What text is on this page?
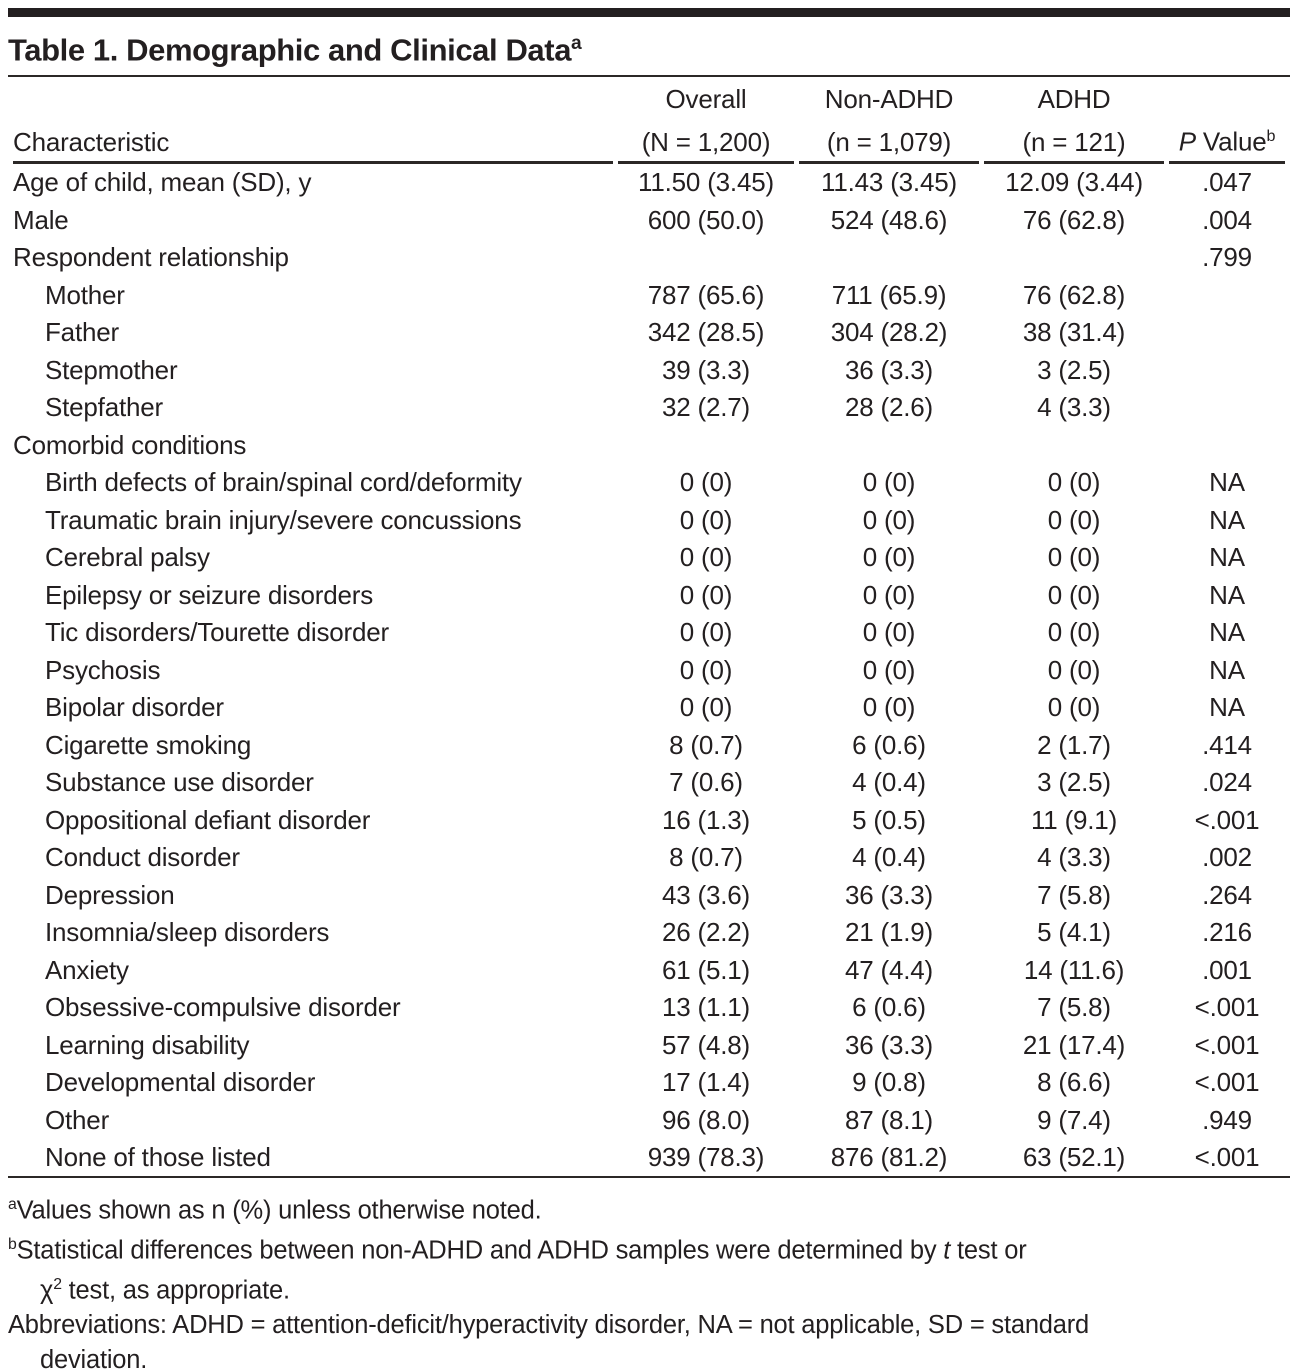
Table 1. Demographic and Clinical Data$^a$
	Overall	Non-ADHD	ADHD	
Characteristic	(N = 1,200)	(n = 1,079)	(n = 121)	P Value$^b$
Age of child, mean (SD), y	11.50 (3.45)	11.43 (3.45)	12.09 (3.44)	.047
Male	600 (50.0)	524 (48.6)	76 (62.8)	.004
Respondent relationship				.799
Mother	787 (65.6)	711 (65.9)	76 (62.8)	
Father	342 (28.5)	304 (28.2)	38 (31.4)	
Stepmother	39 (3.3)	36 (3.3)	3 (2.5)	
Stepfather	32 (2.7)	28 (2.6)	4 (3.3)	
Comorbid conditions				
Birth defects of brain/spinal cord/deformity	0 (0)	0 (0)	0 (0)	NA
Traumatic brain injury/severe concussions	0 (0)	0 (0)	0 (0)	NA
Cerebral palsy	0 (0)	0 (0)	0 (0)	NA
Epilepsy or seizure disorders	0 (0)	0 (0)	0 (0)	NA
Tic disorders/Tourette disorder	0 (0)	0 (0)	0 (0)	NA
Psychosis	0 (0)	0 (0)	0 (0)	NA
Bipolar disorder	0 (0)	0 (0)	0 (0)	NA
Cigarette smoking	8 (0.7)	6 (0.6)	2 (1.7)	.414
Substance use disorder	7 (0.6)	4 (0.4)	3 (2.5)	.024
Oppositional defiant disorder	16 (1.3)	5 (0.5)	11 (9.1)	<.001
Conduct disorder	8 (0.7)	4 (0.4)	4 (3.3)	.002
Depression	43 (3.6)	36 (3.3)	7 (5.8)	.264
Insomnia/sleep disorders	26 (2.2)	21 (1.9)	5 (4.1)	.216
Anxiety	61 (5.1)	47 (4.4)	14 (11.6)	.001
Obsessive-compulsive disorder	13 (1.1)	6 (0.6)	7 (5.8)	<.001
Learning disability	57 (4.8)	36 (3.3)	21 (17.4)	<.001
Developmental disorder	17 (1.4)	9 (0.8)	8 (6.6)	<.001
Other	96 (8.0)	87 (8.1)	9 (7.4)	.949
None of those listed	939 (78.3)	876 (81.2)	63 (52.1)	<.001

$^a$Values shown as n (%) unless otherwise noted.

$^b$Statistical differences between non-ADHD and ADHD samples were determined by t test or
$\chi^2$ test, as appropriate.

Abbreviations: ADHD = attention-deficit/hyperactivity disorder, NA = not applicable, SD = standard
deviation.
